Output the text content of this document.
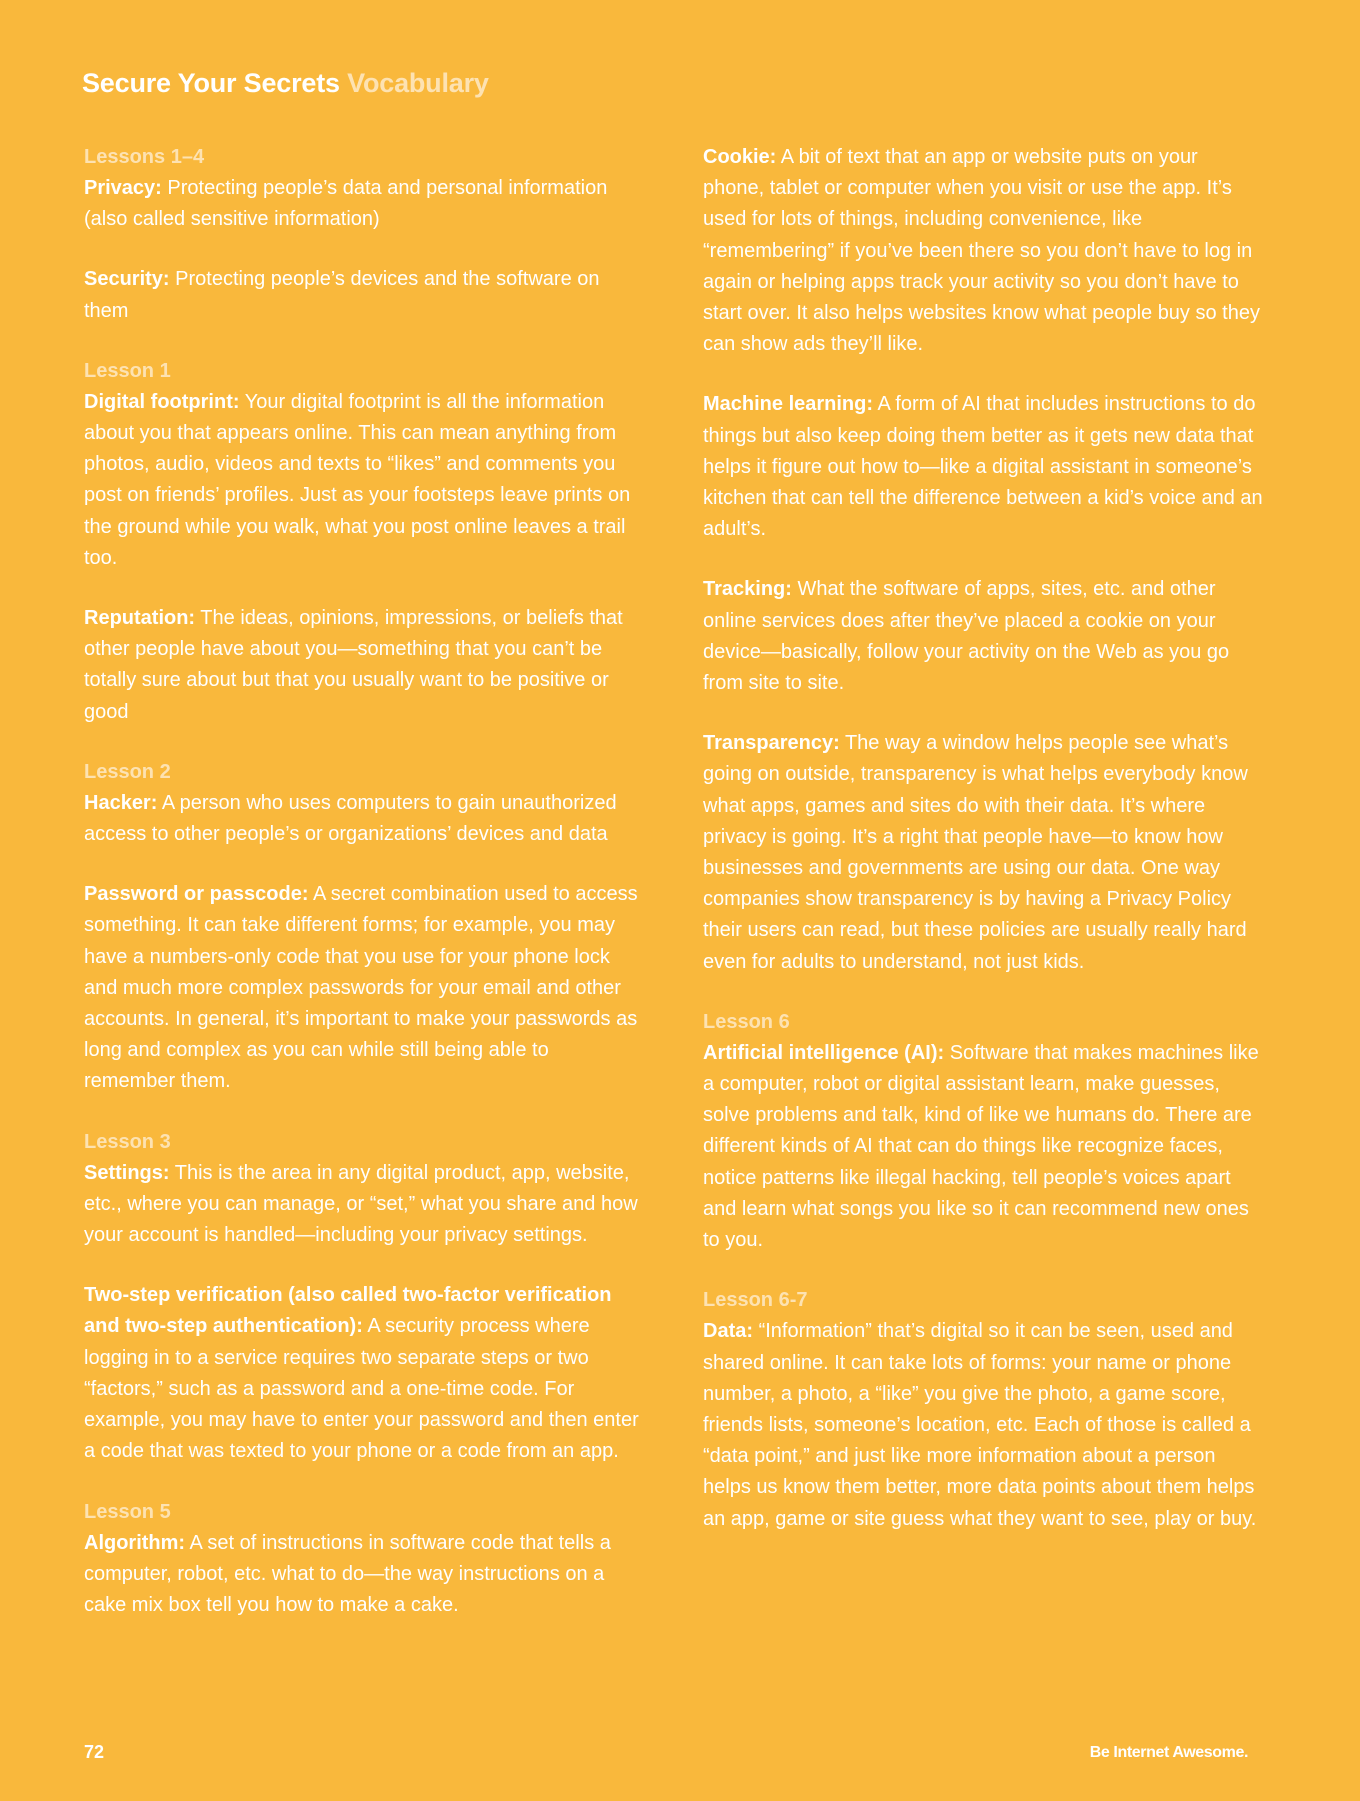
Secure Your Secrets Vocabulary
Lessons 1–4

Privacy: Protecting people’s data and personal information (also called sensitive information)

Security: Protecting people’s devices and the software on them

Lesson 1

Digital footprint: Your digital footprint is all the information about you that appears online. This can mean anything from photos, audio, videos and texts to “likes” and comments you post on friends’ profiles. Just as your footsteps leave prints on the ground while you walk, what you post online leaves a trail too.

Reputation: The ideas, opinions, impressions, or beliefs that other people have about you—something that you can’t be totally sure about but that you usually want to be positive or good

Lesson 2

Hacker: A person who uses computers to gain unauthorized access to other people’s or organizations’ devices and data

Password or passcode: A secret combination used to access something. It can take different forms; for example, you may have a numbers-only code that you use for your phone lock and much more complex passwords for your email and other accounts. In general, it’s important to make your passwords as long and complex as you can while still being able to remember them.

Lesson 3

Settings: This is the area in any digital product, app, website, etc., where you can manage, or “set,” what you share and how your account is handled—including your privacy settings.

Two-step verification (also called two-factor verification and two-step authentication): A security process where logging in to a service requires two separate steps or two “factors,” such as a password and a one-time code. For example, you may have to enter your password and then enter a code that was texted to your phone or a code from an app.

Lesson 5

Algorithm: A set of instructions in software code that tells a computer, robot, etc. what to do—the way instructions on a cake mix box tell you how to make a cake.

Cookie: A bit of text that an app or website puts on your phone, tablet or computer when you visit or use the app. It’s used for lots of things, including convenience, like “remembering” if you’ve been there so you don’t have to log in again or helping apps track your activity so you don’t have to start over. It also helps websites know what people buy so they can show ads they’ll like.

Machine learning: A form of AI that includes instructions to do things but also keep doing them better as it gets new data that helps it figure out how to—like a digital assistant in someone’s kitchen that can tell the difference between a kid’s voice and an adult’s.

Tracking: What the software of apps, sites, etc. and other online services does after they’ve placed a cookie on your device—basically, follow your activity on the Web as you go from site to site.

Transparency: The way a window helps people see what’s going on outside, transparency is what helps everybody know what apps, games and sites do with their data. It’s where privacy is going. It’s a right that people have—to know how businesses and governments are using our data. One way companies show transparency is by having a Privacy Policy their users can read, but these policies are usually really hard even for adults to understand, not just kids.

Lesson 6

Artificial intelligence (AI): Software that makes machines like a computer, robot or digital assistant learn, make guesses, solve problems and talk, kind of like we humans do. There are different kinds of AI that can do things like recognize faces, notice patterns like illegal hacking, tell people’s voices apart and learn what songs you like so it can recommend new ones to you.

Lesson 6-7

Data: “Information” that’s digital so it can be seen, used and shared online. It can take lots of forms: your name or phone number, a photo, a “like” you give the photo, a game score, friends lists, someone’s location, etc. Each of those is called a “data point,” and just like more information about a person helps us know them better, more data points about them helps an app, game or site guess what they want to see, play or buy.

72	Be Internet Awesome.
